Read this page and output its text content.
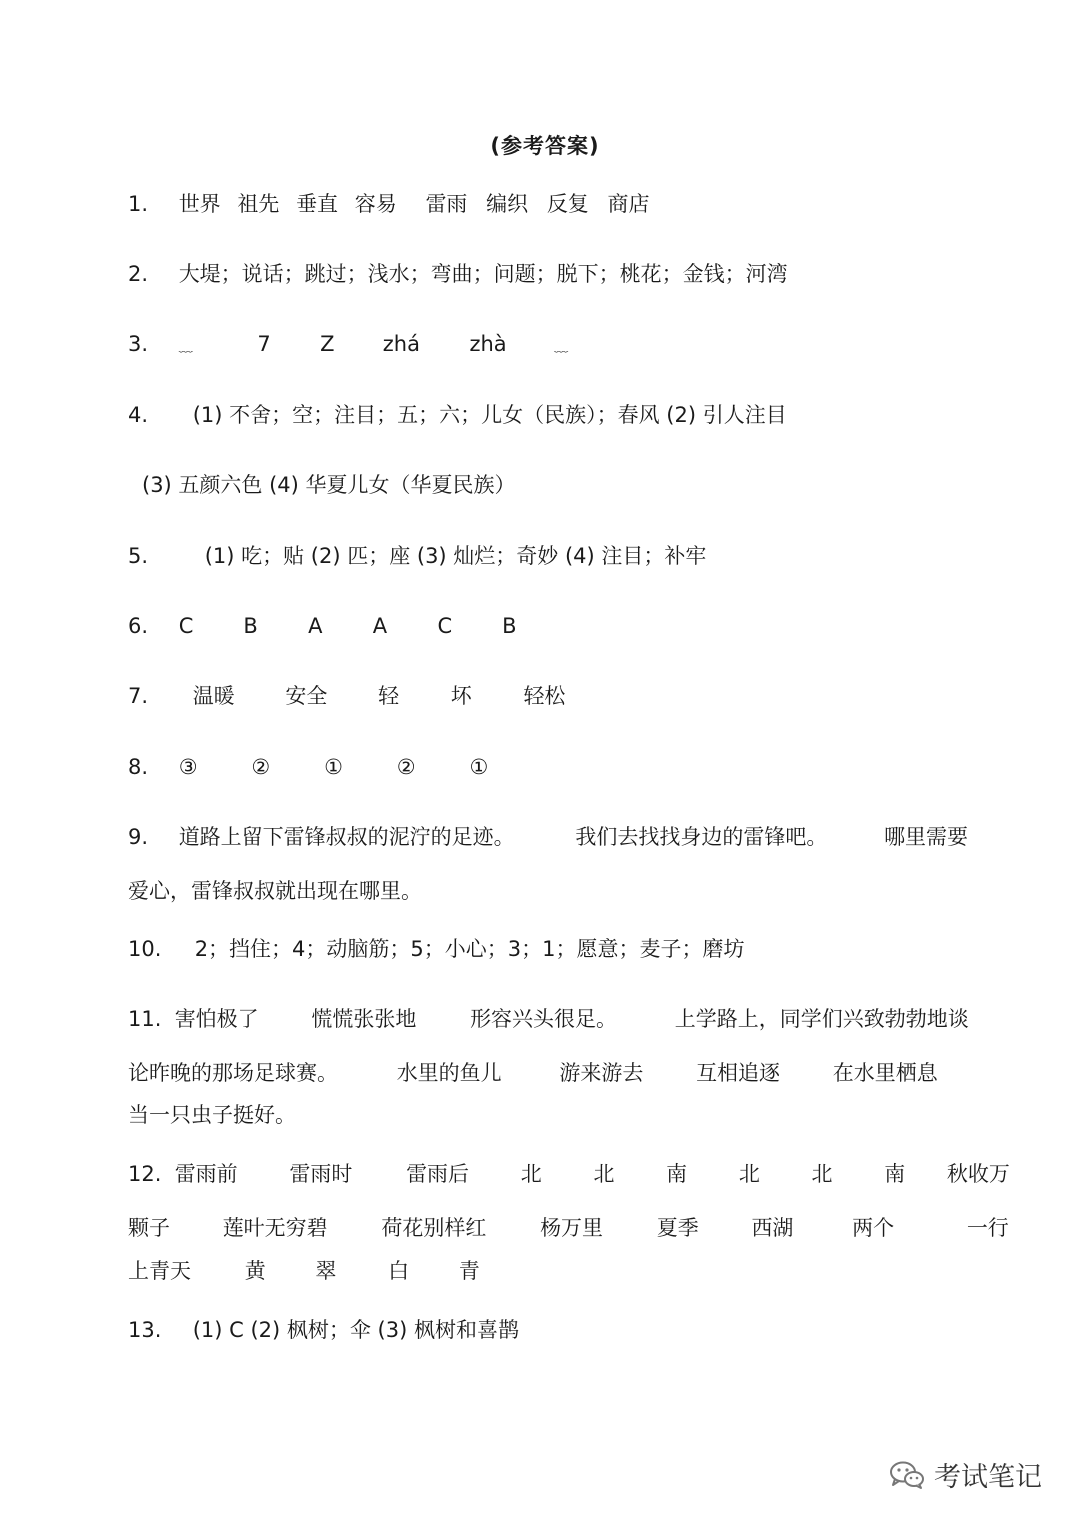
(参考答案)
1. 世界 祖先 垂直 容易 雷雨 编织 反复 商店
2. 大堤；说话；跳过；浅水；弯曲；问题；脱下；桃花；金钱；河湾
3. ﹏	7 Z zhá zhà	﹏
4. (1) 不舍；空；注目；五；六；儿女（民族）；春风 (2) 引人注目
(3) 五颜六色 (4) 华夏儿女（华夏民族）
5.	(1) 吃；贴 (2) 匹；座 (3) 灿烂；奇妙 (4) 注目；补牢
6. C B A A C B
7. 温暖 安全 轻 坏 轻松
8. ③	②	①	②	①
9. 道路上留下雷锋叔叔的泥泞的足迹。	我们去找找身边的雷锋吧。	哪里需要
爱心，雷锋叔叔就出现在哪里。
10. 2；挡住；4；动脑筋；5；小心；3；1；愿意；麦子；磨坊
11. 害怕极了	慌慌张张地	形容兴头很足。	上学路上，同学们兴致勃勃地谈
论昨晚的那场足球赛。	水里的鱼儿	游来游去	互相追逐	在水里栖息
当一只虫子挺好。
12. 雷雨前 雷雨时	雷雨后 北 北 南 北 北 南 秋收万
颗子	莲叶无穷碧	荷花别样红	杨万里	夏季	西湖	两个	一行
上青天	黄 翠 白 青
13. (1) C (2) 枫树；伞 (3) 枫树和喜鹊
考试笔记
